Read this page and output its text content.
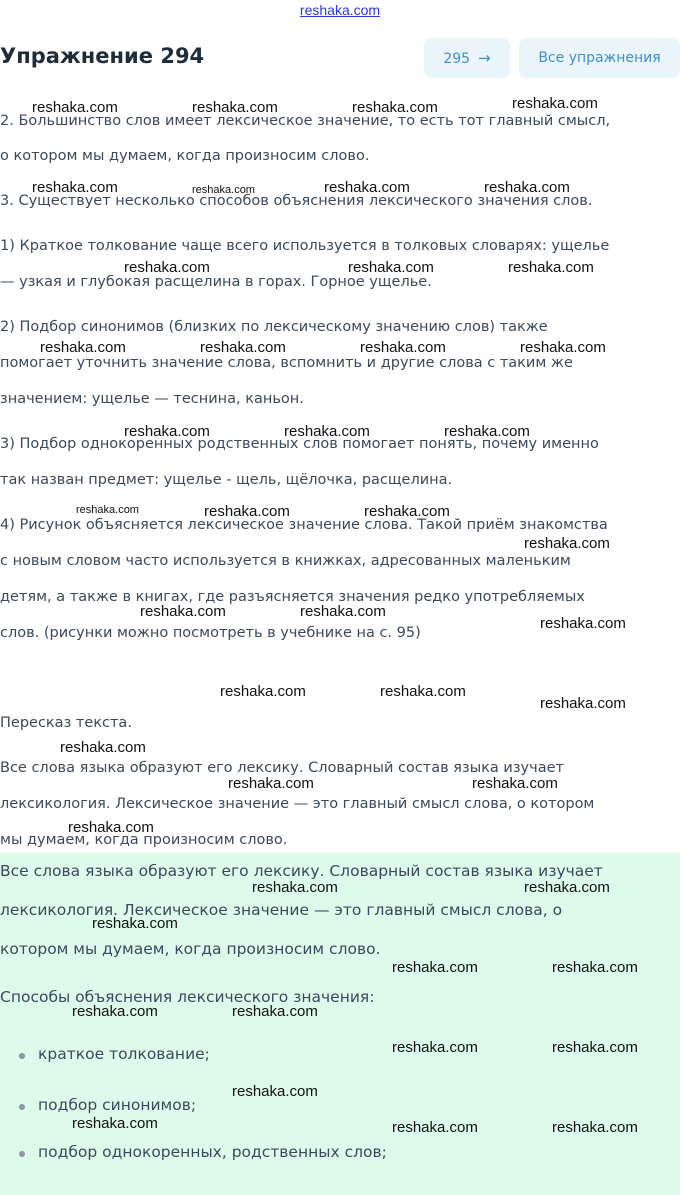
reshaka.com
Упражнение 294	295 →	Все упражнения

2. Большинство слов имеет лексическое значение, то есть тот главный смысл,

о котором мы думаем, когда произносим слово.

3. Существует несколько способов объяснения лексического значения слов.

1) Краткое толкование чаще всего используется в толковых словарях: ущелье

— узкая и глубокая расщелина в горах. Горное ущелье.

2) Подбор синонимов (близких по лексическому значению слов) также

помогает уточнить значение слова, вспомнить и другие слова с таким же

значением: ущелье — теснина, каньон.

3) Подбор однокоренных родственных слов помогает понять, почему именно

так назван предмет: ущелье - щель, щёлочка, расщелина.

4) Рисунок объясняется лексическое значение слова. Такой приём знакомства

с новым словом часто используется в книжках, адресованных маленьким

детям, а также в книгах, где разъясняется значения редко употребляемых

слов. (рисунки можно посмотреть в учебнике на с. 95)

Пересказ текста.

Все слова языка образуют его лексику. Словарный состав языка изучает

лексикология. Лексическое значение — это главный смысл слова, о котором

мы думаем, когда произносим слово.

Все слова языка образуют его лексику. Словарный состав языка изучает

лексикология. Лексическое значение — это главный смысл слова, о

котором мы думаем, когда произносим слово.

Способы объяснения лексического значения:

краткое толкование;

подбор синонимов;

подбор однокоренных, родственных слов;

reshaka.com	reshaka.com	reshaka.com	reshaka.com

reshaka.com	reshaka.com	reshaka.com	reshaka.com

reshaka.com	reshaka.com	reshaka.com

reshaka.com	reshaka.com	reshaka.com	reshaka.com

reshaka.com	reshaka.com	reshaka.com

reshaka.com	reshaka.com	reshaka.com

reshaka.com

reshaka.com	reshaka.com

reshaka.com

reshaka.com	reshaka.com

reshaka.com

reshaka.com

reshaka.com	reshaka.com

reshaka.com

reshaka.com	reshaka.com

reshaka.com

reshaka.com	reshaka.com

reshaka.com	reshaka.com

reshaka.com	reshaka.com

reshaka.com

reshaka.com	reshaka.com	reshaka.com
